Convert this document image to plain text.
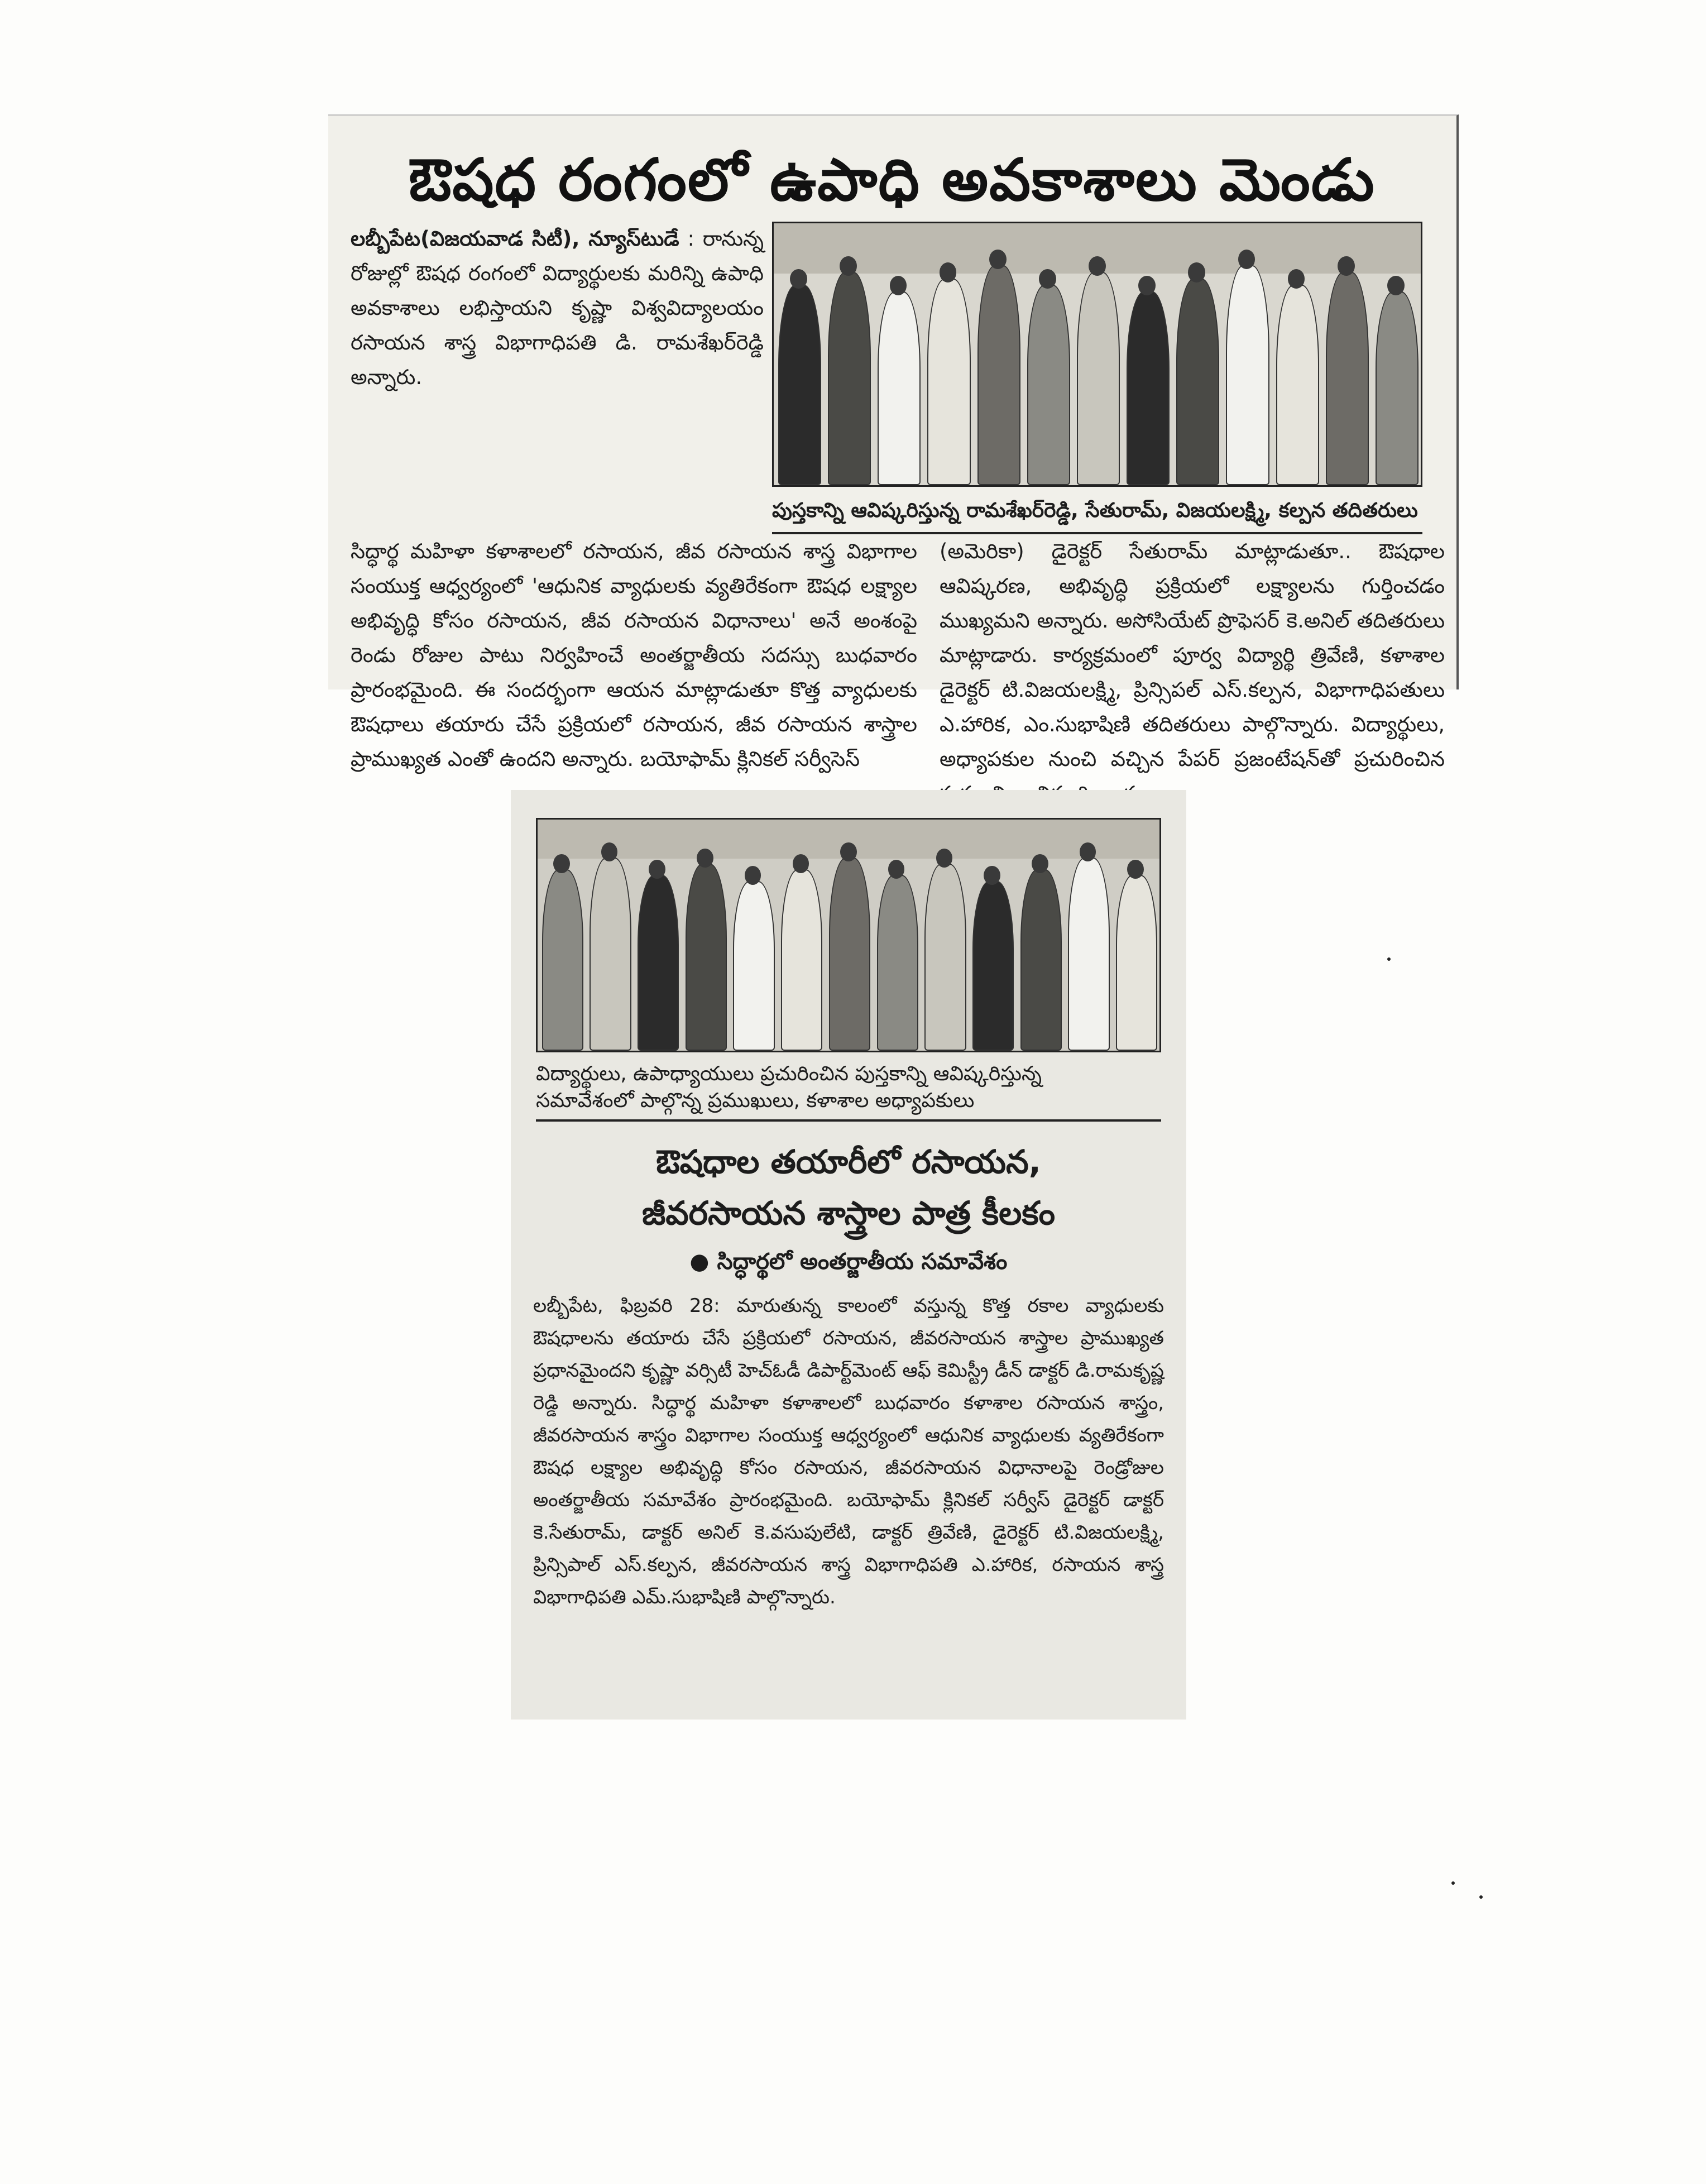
ఔషధ రంగంలో ఉపాధి అవకాశాలు మెండు
లబ్బీపేట(విజయవాడ సిటీ), న్యూస్‌టుడే : రానున్న రోజుల్లో ఔషధ రంగంలో విద్యార్థులకు మరిన్ని ఉపాధి అవకాశాలు లభిస్తాయని కృష్ణా విశ్వవిద్యాలయం రసాయన శాస్త్ర విభాగాధిపతి డి. రామశేఖర్‌రెడ్డి అన్నారు.
పుస్తకాన్ని ఆవిష్కరిస్తున్న రామశేఖర్‌రెడ్డి, సేతురామ్, విజయలక్ష్మి, కల్పన తదితరులు
సిద్ధార్థ మహిళా కళాశాలలో రసాయన, జీవ రసాయన శాస్త్ర విభాగాల సంయుక్త ఆధ్వర్యంలో 'ఆధునిక వ్యాధులకు వ్యతిరేకంగా ఔషధ లక్ష్యాల అభివృద్ధి కోసం రసాయన, జీవ రసాయన విధానాలు' అనే అంశంపై రెండు రోజుల పాటు నిర్వహించే అంతర్జాతీయ సదస్సు బుధవారం ప్రారంభమైంది. ఈ సందర్భంగా ఆయన మాట్లాడుతూ కొత్త వ్యాధులకు ఔషధాలు తయారు చేసే ప్రక్రియలో రసాయన, జీవ రసాయన శాస్త్రాల ప్రాముఖ్యత ఎంతో ఉందని అన్నారు. బయోఫామ్ క్లినికల్ సర్వీసెస్
(అమెరికా) డైరెక్టర్ సేతురామ్ మాట్లాడుతూ.. ఔషధాల ఆవిష్కరణ, అభివృద్ధి ప్రక్రియలో లక్ష్యాలను గుర్తించడం ముఖ్యమని అన్నారు. అసోసియేట్ ప్రొఫెసర్ కె.అనిల్ తదితరులు మాట్లాడారు. కార్యక్రమంలో పూర్వ విద్యార్థి త్రివేణి, కళాశాల డైరెక్టర్ టి.విజయలక్ష్మి, ప్రిన్సిపల్ ఎస్.కల్పన, విభాగాధిపతులు ఎ.హారిక, ఎం.సుభాషిణి తదితరులు పాల్గొన్నారు. విద్యార్థులు, అధ్యాపకుల నుంచి వచ్చిన పేపర్ ప్రజంటేషన్‌తో ప్రచురించిన
విద్యార్థులు, ఉపాధ్యాయులు ప్రచురించిన పుస్తకాన్ని ఆవిష్కరిస్తున్న
సమావేశంలో పాల్గొన్న ప్రముఖులు, కళాశాల అధ్యాపకులు
ఔషధాల తయారీలో రసాయన,
జీవరసాయన శాస్త్రాల పాత్ర కీలకం
● సిద్ధార్థలో అంతర్జాతీయ సమావేశం
లబ్బీపేట, ఫిబ్రవరి 28: మారుతున్న కాలంలో వస్తున్న కొత్త రకాల వ్యాధులకు ఔషధాలను తయారు చేసే ప్రక్రియలో రసాయన, జీవరసాయన శాస్త్రాల ప్రాముఖ్యత ప్రధానమైందని కృష్ణా వర్సిటీ హెచ్‌ఓడీ డిపార్ట్‌మెంట్ ఆఫ్ కెమిస్ట్రీ డీన్ డాక్టర్ డి.రామకృష్ణ రెడ్డి అన్నారు. సిద్ధార్థ మహిళా కళాశాలలో బుధవారం కళాశాల రసాయన శాస్త్రం, జీవరసాయన శాస్త్రం విభాగాల సంయుక్త ఆధ్వర్యంలో ఆధునిక వ్యాధులకు వ్యతిరేకంగా ఔషధ లక్ష్యాల అభివృద్ధి కోసం రసాయన, జీవరసాయన విధానాలపై రెండ్రోజుల అంతర్జాతీయ సమావేశం ప్రారంభమైంది. బయోఫామ్ క్లినికల్ సర్వీస్ డైరెక్టర్ డాక్టర్ కె.సేతురామ్, డాక్టర్ అనిల్ కె.వసుపులేటి, డాక్టర్ త్రివేణి, డైరెక్టర్ టి.విజయలక్ష్మి, ప్రిన్సిపాల్ ఎస్.కల్పన, జీవరసాయన శాస్త్ర విభాగాధిపతి ఎ.హారిక, రసాయన శాస్త్ర విభాగాధిపతి ఎమ్.సుభాషిణి పాల్గొన్నారు.
